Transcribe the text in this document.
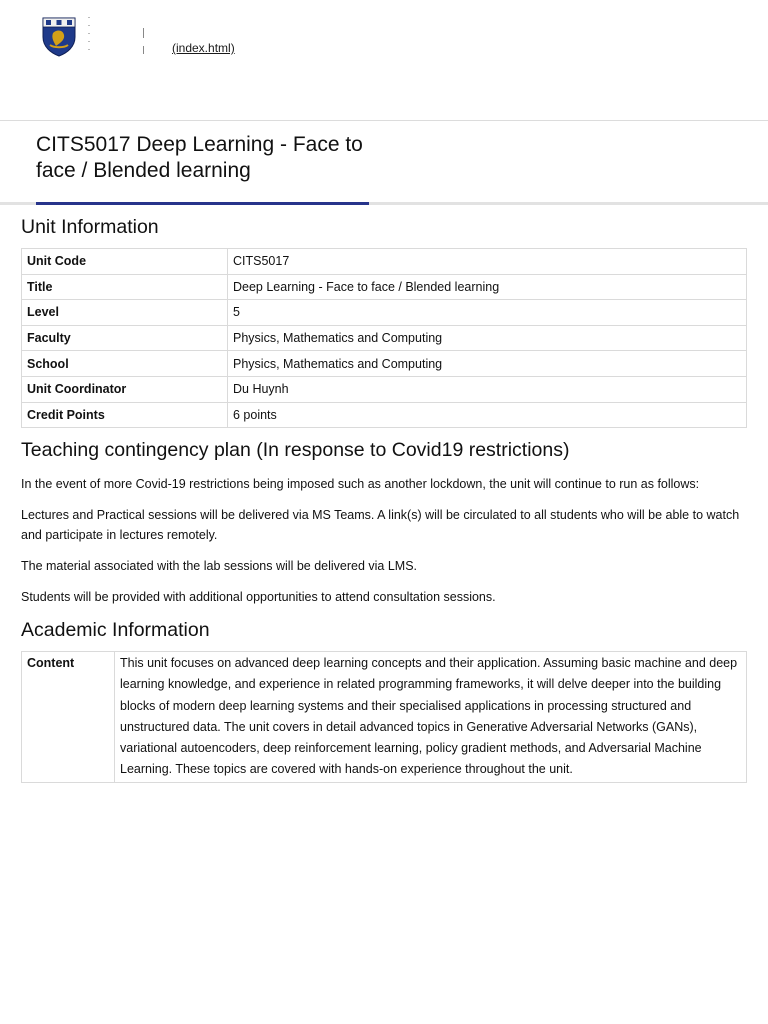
(index.html)
CITS5017 Deep Learning - Face to face / Blended learning
Unit Information
Unit Code	CITS5017
Title	Deep Learning - Face to face / Blended learning
Level	5
Faculty	Physics, Mathematics and Computing
School	Physics, Mathematics and Computing
Unit Coordinator	Du Huynh
Credit Points	6 points
Teaching contingency plan (In response to Covid19 restrictions)

In the event of more Covid-19 restrictions being imposed such as another lockdown, the unit will continue to run as follows:

Lectures and Practical sessions will be delivered via MS Teams. A link(s) will be circulated to all students who will be able to watch and participate in lectures remotely.

The material associated with the lab sessions will be delivered via LMS.

Students will be provided with additional opportunities to attend consultation sessions.

Academic Information
Content	This unit focuses on advanced deep learning concepts and their application. Assuming basic machine and deep learning knowledge, and experience in related programming frameworks, it will delve deeper into the building blocks of modern deep learning systems and their specialised applications in processing structured and unstructured data. The unit covers in detail advanced topics in Generative Adversarial Networks (GANs), variational autoencoders, deep reinforcement learning, policy gradient methods, and Adversarial Machine Learning. These topics are covered with hands-on experience throughout the unit.
